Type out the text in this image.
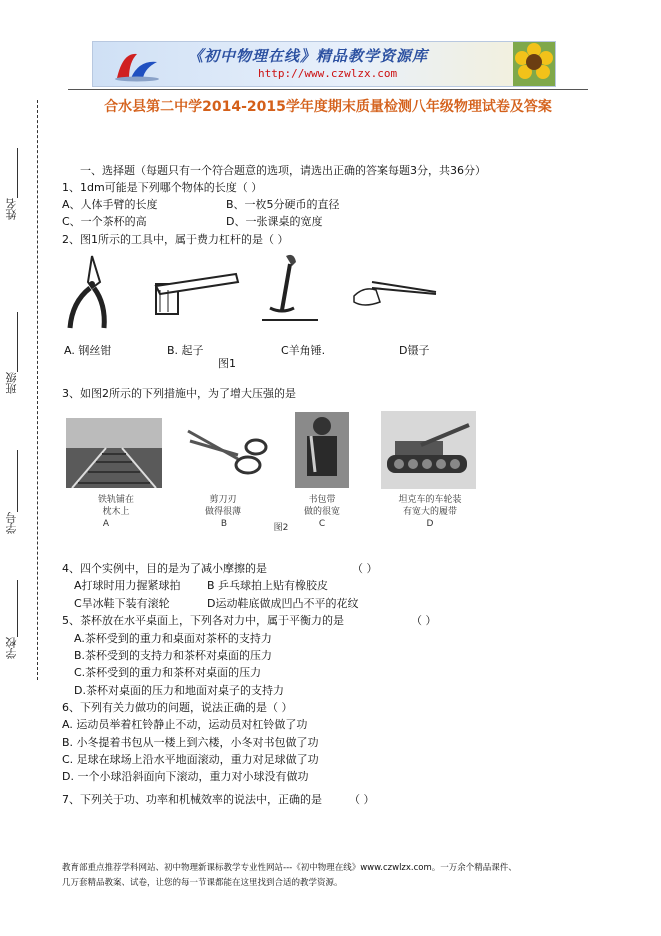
《初中物理在线》精品教学资源库
http://www.czwlzx.com
合水县第二中学2014-2015学年度期末质量检测八年级物理试卷及答案
姓名
班级
学号
学校
一、选择题（每题只有一个符合题意的选项，请选出正确的答案每题3分，共36分）
1、1dm可能是下列哪个物体的长度（ ）
A、人体手臂的长度	B、一枚5分硬币的直径
C、一个茶杯的高	D、一张课桌的宽度
2、图1所示的工具中，属于费力杠杆的是（ ）
A. 钢丝钳	B. 起子	C羊角锤.	D镊子
图1
3、如图2所示的下列措施中，为了增大压强的是
铁轨铺在
枕木上
剪刀刃
做得很薄
书包带
做的很宽
坦克车的车轮装
有宽大的履带
A	B	C	D
图2
4、四个实例中，目的是为了减小摩擦的是	（ ）
A打球时用力握紧球拍 B 乒乓球拍上贴有橡胶皮
C旱冰鞋下装有滚轮	D运动鞋底做成凹凸不平的花纹
5、茶杯放在水平桌面上，下列各对力中，属于平衡力的是	（ ）
A.茶杯受到的重力和桌面对茶杯的支持力
B.茶杯受到的支持力和茶杯对桌面的压力
C.茶杯受到的重力和茶杯对桌面的压力
D.茶杯对桌面的压力和地面对桌子的支持力
6、下列有关力做功的问题，说法正确的是（ ）
A. 运动员举着杠铃静止不动，运动员对杠铃做了功
B. 小冬提着书包从一楼上到六楼，小冬对书包做了功
C. 足球在球场上沿水平地面滚动，重力对足球做了功
D. 一个小球沿斜面向下滚动，重力对小球没有做功
7、下列关于功、功率和机械效率的说法中，正确的是 （ ）
教育部重点推荐学科网站、初中物理新课标教学专业性网站---《初中物理在线》www.czwlzx.com。一万余个精品课件、
几万套精品教案、试卷，让您的每一节课都能在这里找到合适的教学资源。
